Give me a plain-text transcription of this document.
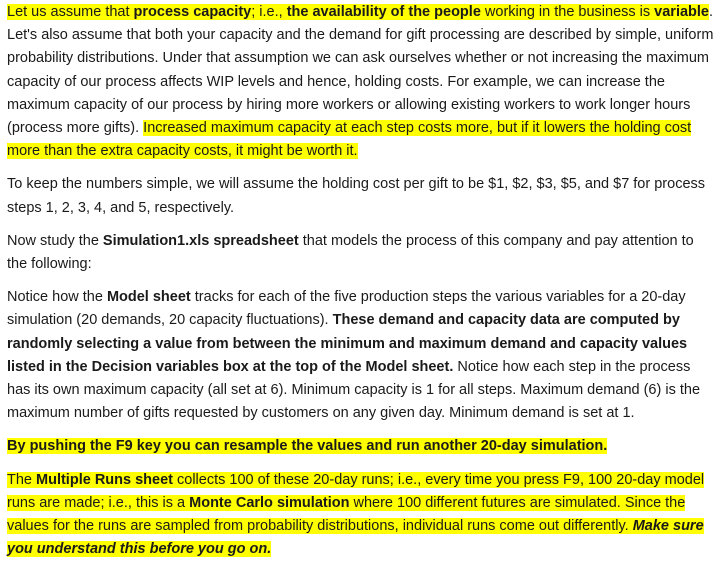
Let us assume that process capacity; i.e., the availability of the people working in the business is variable. Let's also assume that both your capacity and the demand for gift processing are described by simple, uniform probability distributions. Under that assumption we can ask ourselves whether or not increasing the maximum capacity of our process affects WIP levels and hence, holding costs. For example, we can increase the maximum capacity of our process by hiring more workers or allowing existing workers to work longer hours (process more gifts). Increased maximum capacity at each step costs more, but if it lowers the holding cost more than the extra capacity costs, it might be worth it.

To keep the numbers simple, we will assume the holding cost per gift to be $1, $2, $3, $5, and $7 for process steps 1, 2, 3, 4, and 5, respectively.

Now study the Simulation1.xls spreadsheet that models the process of this company and pay attention to the following:

Notice how the Model sheet tracks for each of the five production steps the various variables for a 20-day simulation (20 demands, 20 capacity fluctuations). These demand and capacity data are computed by randomly selecting a value from between the minimum and maximum demand and capacity values listed in the Decision variables box at the top of the Model sheet. Notice how each step in the process has its own maximum capacity (all set at 6). Minimum capacity is 1 for all steps. Maximum demand (6) is the maximum number of gifts requested by customers on any given day. Minimum demand is set at 1.

By pushing the F9 key you can resample the values and run another 20-day simulation.

The Multiple Runs sheet collects 100 of these 20-day runs; i.e., every time you press F9, 100 20-day model runs are made; i.e., this is a Monte Carlo simulation where 100 different futures are simulated. Since the values for the runs are sampled from probability distributions, individual runs come out differently. Make sure you understand this before you go on.
